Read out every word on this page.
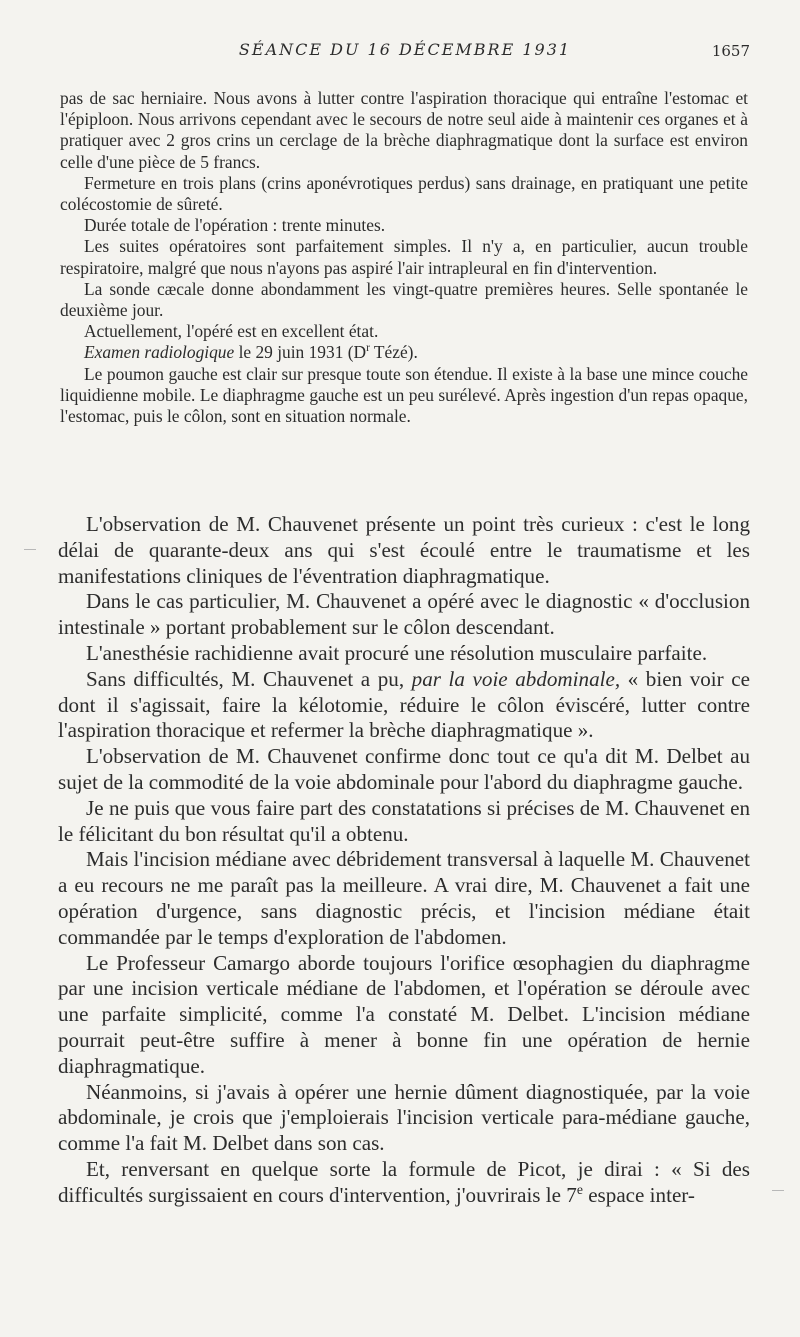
SÉANCE DU 16 DÉCEMBRE 1931	1657

pas de sac herniaire. Nous avons à lutter contre l'aspiration thoracique qui entraîne l'estomac et l'épiploon. Nous arrivons cependant avec le secours de notre seul aide à maintenir ces organes et à pratiquer avec 2 gros crins un cerclage de la brèche diaphragmatique dont la surface est environ celle d'une pièce de 5 francs.

Fermeture en trois plans (crins aponévrotiques perdus) sans drainage, en pratiquant une petite colécostomie de sûreté.

Durée totale de l'opération : trente minutes.

Les suites opératoires sont parfaitement simples. Il n'y a, en particulier, aucun trouble respiratoire, malgré que nous n'ayons pas aspiré l'air intrapleural en fin d'intervention.

La sonde cæcale donne abondamment les vingt-quatre premières heures. Selle spontanée le deuxième jour.

Actuellement, l'opéré est en excellent état.

Examen radiologique le 29 juin 1931 ($D^r$ Tézé).

Le poumon gauche est clair sur presque toute son étendue. Il existe à la base une mince couche liquidienne mobile. Le diaphragme gauche est un peu surélevé. Après ingestion d'un repas opaque, l'estomac, puis le côlon, sont en situation normale.

L'observation de M. Chauvenet présente un point très curieux : c'est le long délai de quarante-deux ans qui s'est écoulé entre le traumatisme et les manifestations cliniques de l'éventration diaphragmatique.

Dans le cas particulier, M. Chauvenet a opéré avec le diagnostic « d'occlusion intestinale » portant probablement sur le côlon descendant.

L'anesthésie rachidienne avait procuré une résolution musculaire parfaite.

Sans difficultés, M. Chauvenet a pu, par la voie abdominale, « bien voir ce dont il s'agissait, faire la kélotomie, réduire le côlon éviscéré, lutter contre l'aspiration thoracique et refermer la brèche diaphragmatique ».

L'observation de M. Chauvenet confirme donc tout ce qu'a dit M. Delbet au sujet de la commodité de la voie abdominale pour l'abord du diaphragme gauche.

Je ne puis que vous faire part des constatations si précises de M. Chauvenet en le félicitant du bon résultat qu'il a obtenu.

Mais l'incision médiane avec débridement transversal à laquelle M. Chauvenet a eu recours ne me paraît pas la meilleure. A vrai dire, M. Chauvenet a fait une opération d'urgence, sans diagnostic précis, et l'incision médiane était commandée par le temps d'exploration de l'abdomen.

Le Professeur Camargo aborde toujours l'orifice œsophagien du diaphragme par une incision verticale médiane de l'abdomen, et l'opération se déroule avec une parfaite simplicité, comme l'a constaté M. Delbet. L'incision médiane pourrait peut-être suffire à mener à bonne fin une opération de hernie diaphragmatique.

Néanmoins, si j'avais à opérer une hernie dûment diagnostiquée, par la voie abdominale, je crois que j'emploierais l'incision verticale para-médiane gauche, comme l'a fait M. Delbet dans son cas.

Et, renversant en quelque sorte la formule de Picot, je dirai : « Si des difficultés surgissaient en cours d'intervention, j'ouvrirais le 7e espace inter-
